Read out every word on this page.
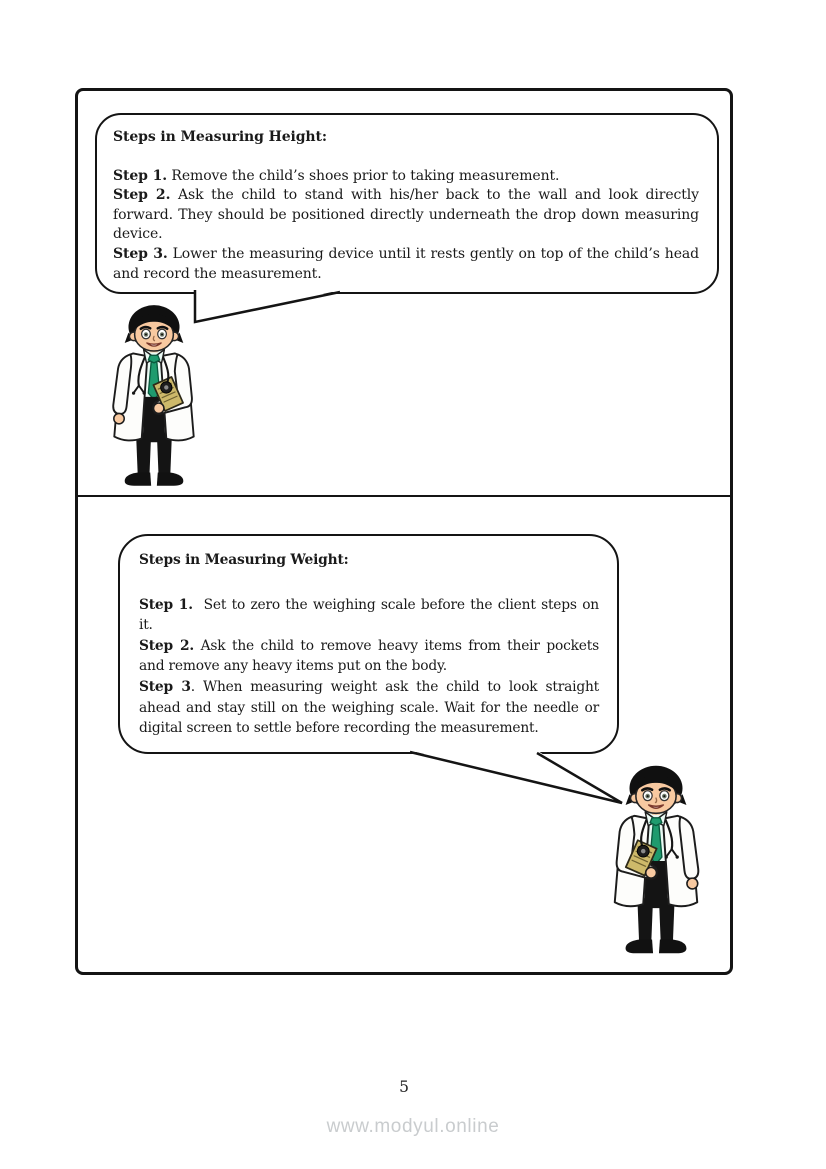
Steps in Measuring Height:

Step 1. Remove the child’s shoes prior to taking measurement.

Step 2. Ask the child to stand with his/her back to the wall and look directly forward. They should be positioned directly underneath the drop down measuring device.

Step 3. Lower the measuring device until it rests gently on top of the child’s head and record the measurement.

Steps in Measuring Weight:

Step 1.  Set to zero the weighing scale before the client steps on it.

Step 2. Ask the child to remove heavy items from their pockets and remove any heavy items put on the body.

Step 3. When measuring weight ask the child to look straight ahead and stay still on the weighing scale. Wait for the needle or digital screen to settle before recording the measurement.

5
www.modyul.online
